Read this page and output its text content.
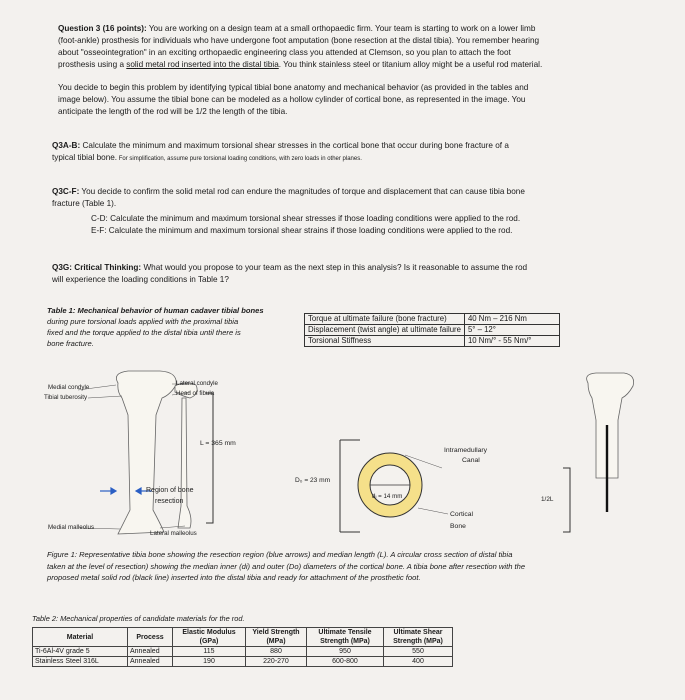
Question 3 (16 points): You are working on a design team at a small orthopaedic firm. Your team is starting to work on a lower limb
(foot-ankle) prosthesis for individuals who have undergone foot amputation (bone resection at the distal tibia). You remember hearing
about "osseointegration" in an exciting orthopaedic engineering class you attended at Clemson, so you plan to attach the foot
prosthesis using a solid metal rod inserted into the distal tibia. You think stainless steel or titanium alloy might be a useful rod material.
You decide to begin this problem by identifying typical tibial bone anatomy and mechanical behavior (as provided in the tables and
image below). You assume the tibial bone can be modeled as a hollow cylinder of cortical bone, as represented in the image. You
anticipate the length of the rod will be 1/2 the length of the tibia.
Q3A-B: Calculate the minimum and maximum torsional shear stresses in the cortical bone that occur during bone fracture of a
typical tibial bone. For simplification, assume pure torsional loading conditions, with zero loads in other planes.
Q3C-F: You decide to confirm the solid metal rod can endure the magnitudes of torque and displacement that can cause tibia bone
fracture (Table 1).
C-D: Calculate the minimum and maximum torsional shear stresses if those loading conditions were applied to the rod.
E-F: Calculate the minimum and maximum torsional shear strains if those loading conditions were applied to the rod.
Q3G: Critical Thinking: What would you propose to your team as the next step in this analysis? Is it reasonable to assume the rod
will experience the loading conditions in Table 1?
Table 1: Mechanical behavior of human cadaver tibial bones
during pure torsional loads applied with the proximal tibia
fixed and the torque applied to the distal tibia until there is
bone fracture.
Torque at ultimate failure (bone fracture)	40 Nm – 216 Nm
Displacement (twist angle) at ultimate failure	5° – 12°
Torsional Stiffness	10 Nm/° - 55 Nm/°
Medial condyle
Tibial tuberosity
Lateral condyle
Head of fibula
L = 365 mm
Region of bone
resection
Medial malleolus
Lateral malleolus
D₀ = 23 mm
dᵢ = 14 mm
Intramedullary
Canal
Cortical
Bone
1/2L
Figure 1: Representative tibia bone showing the resection region (blue arrows) and median length (L). A circular cross section of distal tibia
taken at the level of resection) showing the median inner (di) and outer (Do) diameters of the cortical bone. A tibia bone after resection with the
proposed metal solid rod (black line) inserted into the distal tibia and ready for attachment of the prosthetic foot.
Table 2: Mechanical properties of candidate materials for the rod.
Material	Process	Elastic Modulus (GPa)	Yield Strength (MPa)	Ultimate Tensile Strength (MPa)	Ultimate Shear Strength (MPa)
Ti-6Al-4V grade 5	Annealed	115	880	950	550
Stainless Steel 316L	Annealed	190	220-270	600-800	400
